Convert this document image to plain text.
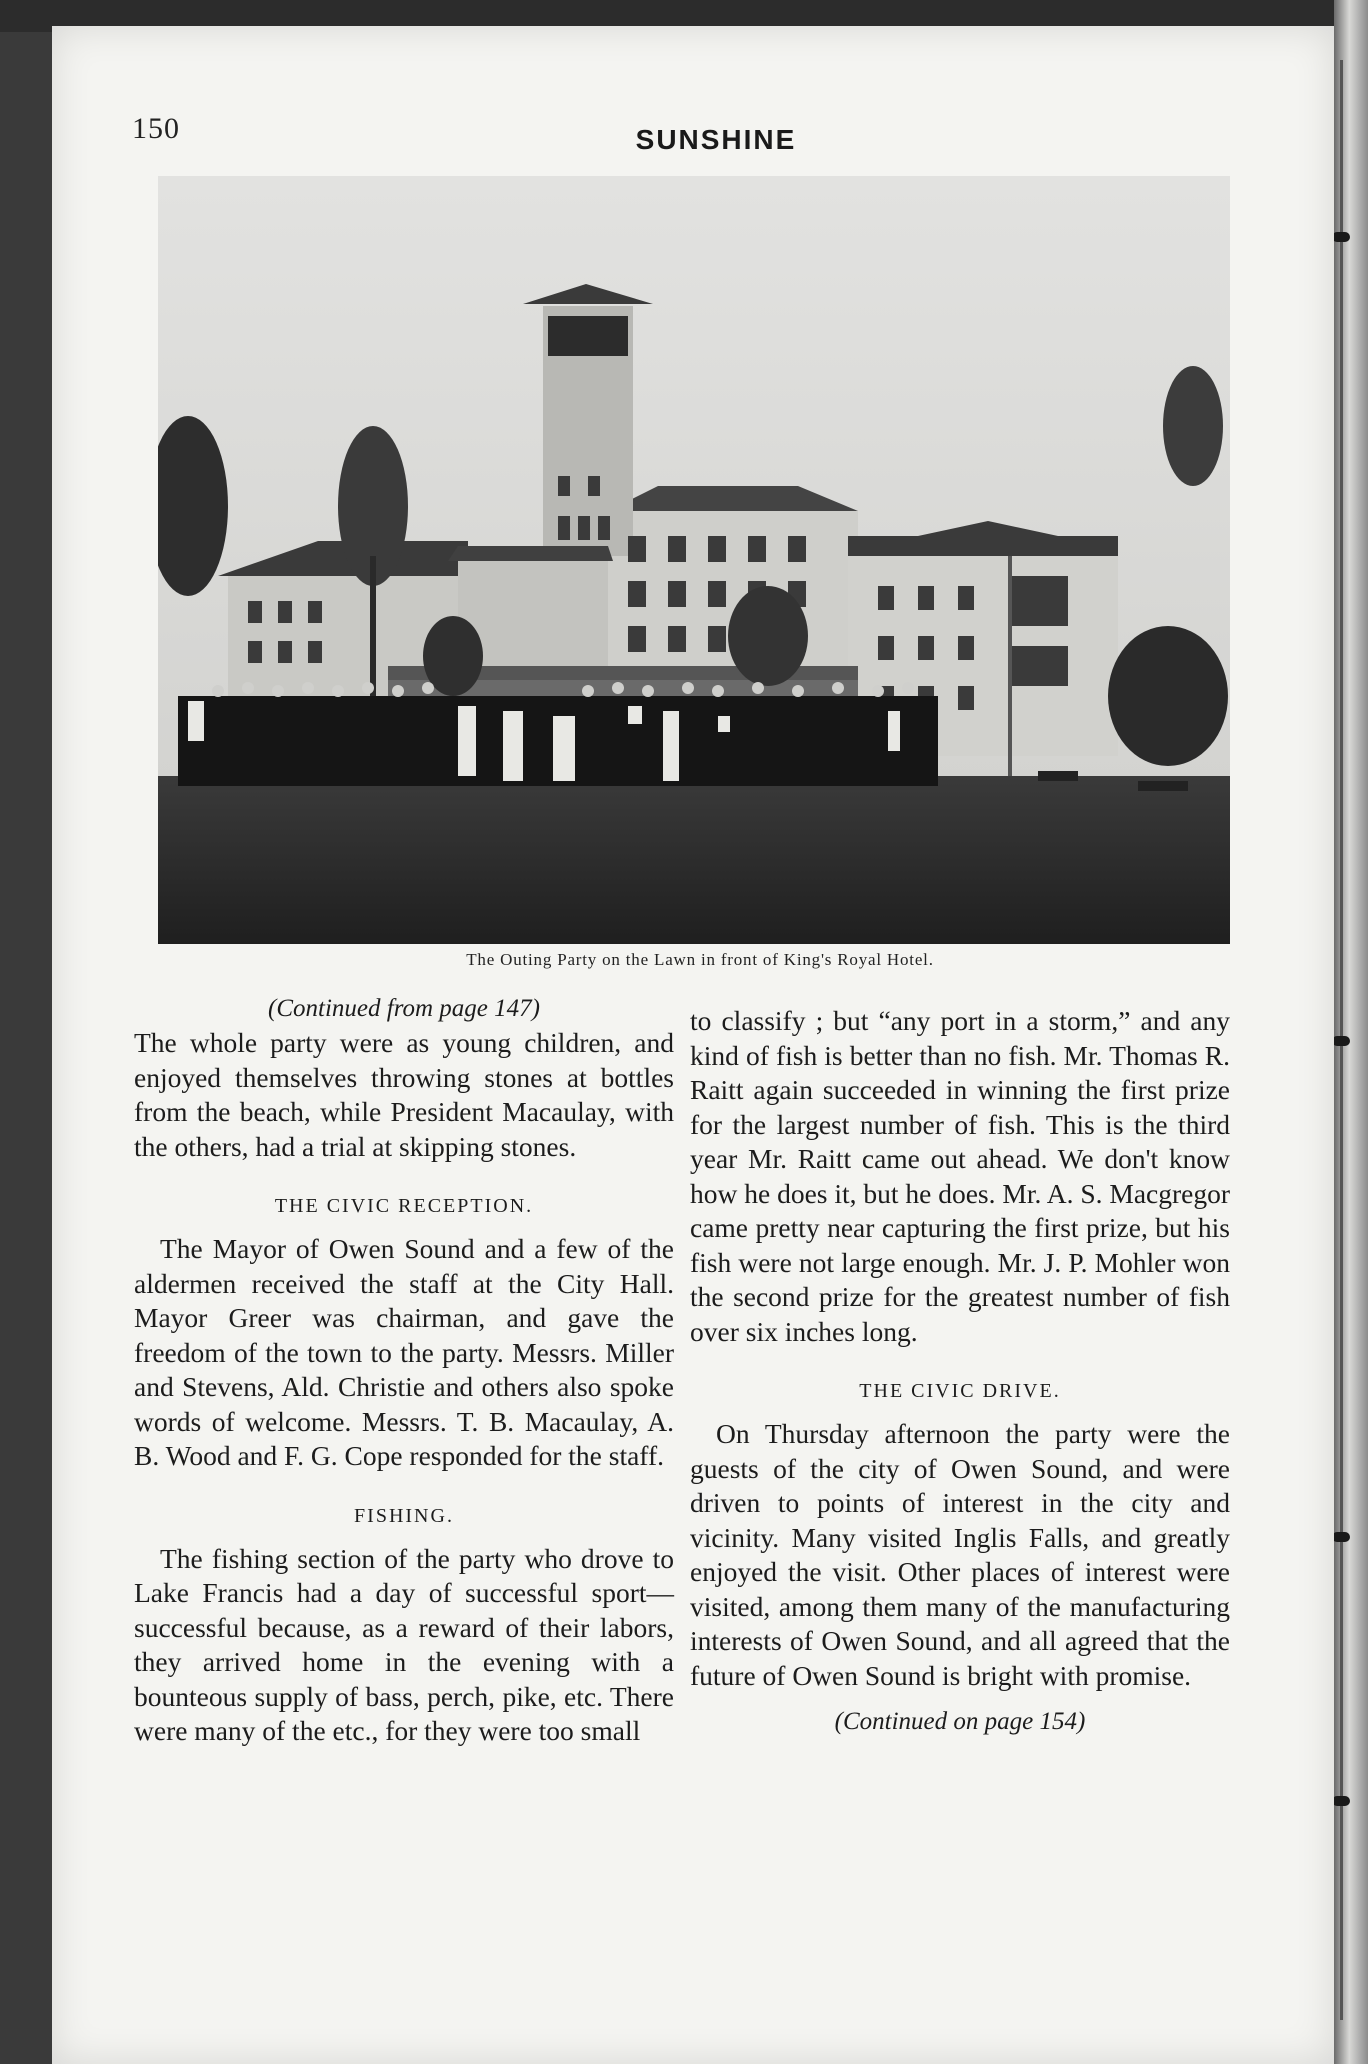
150	SUNSHINE
The Outing Party on the Lawn in front of King's Royal Hotel.

(Continued from page 147)

The whole party were as young children, and enjoyed themselves throwing stones at bottles from the beach, while President Macaulay, with the others, had a trial at skipping stones.

THE CIVIC RECEPTION.

The Mayor of Owen Sound and a few of the aldermen received the staff at the City Hall. Mayor Greer was chairman, and gave the freedom of the town to the party. Messrs. Miller and Stevens, Ald. Christie and others also spoke words of welcome. Messrs. T. B. Macaulay, A. B. Wood and F. G. Cope responded for the staff.

FISHING.

The fishing section of the party who drove to Lake Francis had a day of successful sport—successful because, as a reward of their labors, they arrived home in the evening with a bounteous supply of bass, perch, pike, etc. There were many of the etc., for they were too small

to classify ; but “any port in a storm,” and any kind of fish is better than no fish. Mr. Thomas R. Raitt again succeeded in winning the first prize for the largest number of fish. This is the third year Mr. Raitt came out ahead. We don't know how he does it, but he does. Mr. A. S. Macgregor came pretty near capturing the first prize, but his fish were not large enough. Mr. J. P. Mohler won the second prize for the greatest number of fish over six inches long.

THE CIVIC DRIVE.

On Thursday afternoon the party were the guests of the city of Owen Sound, and were driven to points of interest in the city and vicinity. Many visited Inglis Falls, and greatly enjoyed the visit. Other places of interest were visited, among them many of the manufacturing interests of Owen Sound, and all agreed that the future of Owen Sound is bright with promise.

(Continued on page 154)
